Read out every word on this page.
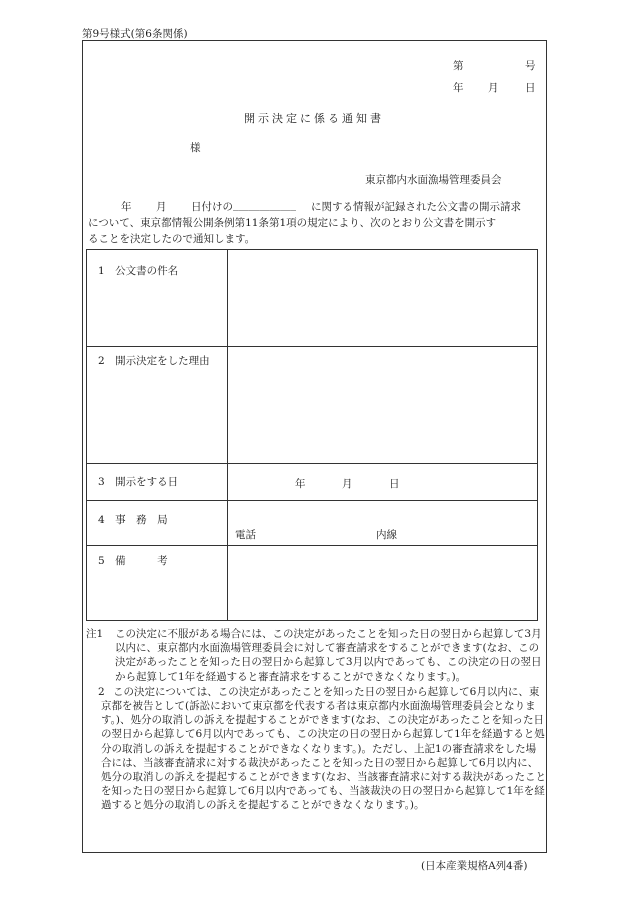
第9号様式(第6条関係)
第	号
年 月	日
開示決定に係る通知書
様
東京都内水面漁場管理委員会
年 月 日付けの ____________ に関する情報が記録された公文書の開示請求
について、東京都情報公開条例第11条第1項の規定により、次のとおり公文書を開示す
ることを決定したので通知します。
1　公文書の件名
2　開示決定をした理由
3　開示をする日	年	月	日
4　事　務　局
電話	内線
5　備　　　考
注1 この決定に不服がある場合には、この決定があったことを知った日の翌日から起算して3月以内に、東京都内水面漁場管理委員会に対して審査請求をすることができます(なお、この決定があったことを知った日の翌日から起算して3月以内であっても、この決定の日の翌日から起算して1年を経過すると審査請求をすることができなくなります。)。
2 この決定については、この決定があったことを知った日の翌日から起算して6月以内に、東京都を被告として(訴訟において東京都を代表する者は東京都内水面漁場管理委員会となります。)、処分の取消しの訴えを提起することができます(なお、この決定があったことを知った日の翌日から起算して6月以内であっても、この決定の日の翌日から起算して1年を経過すると処分の取消しの訴えを提起することができなくなります。)。ただし、上記1の審査請求をした場合には、当該審査請求に対する裁決があったことを知った日の翌日から起算して6月以内に、処分の取消しの訴えを提起することができます(なお、当該審査請求に対する裁決があったことを知った日の翌日から起算して6月以内であっても、当該裁決の日の翌日から起算して1年を経過すると処分の取消しの訴えを提起することができなくなります。)。
(日本産業規格A列4番)
